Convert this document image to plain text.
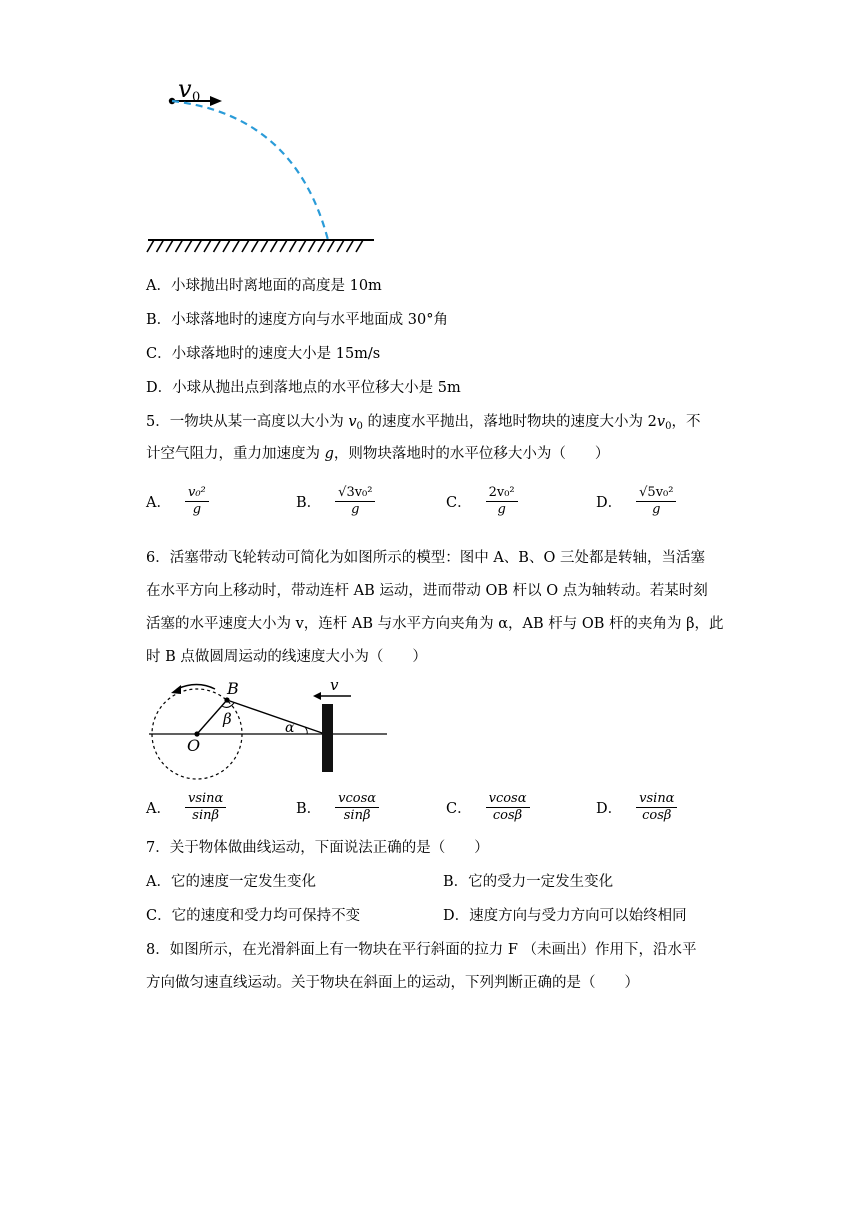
v 0
A．小球抛出时离地面的高度是 10m
B．小球落地时的速度方向与水平地面成 30°角
C．小球落地时的速度大小是 15m/s
D．小球从抛出点到落地点的水平位移大小是 5m
5．一物块从某一高度以大小为 $v_0$ 的速度水平抛出，落地时物块的速度大小为 $2v_0$，不
计空气阻力，重力加速度为 g，则物块落地时的水平位移大小为（　　）
A． $\frac{\text{v₀²}}{g}$	B． $\frac{\text{√3v₀²}}{g}$	C． $\frac{\text{2v₀²}}{g}$	D． $\frac{\text{√5v₀²}}{g}$
6．活塞带动飞轮转动可简化为如图所示的模型：图中 A、B、O 三处都是转轴，当活塞
在水平方向上移动时，带动连杆 AB 运动，进而带动 OB 杆以 O 点为轴转动。若某时刻
活塞的水平速度大小为 v，连杆 AB 与水平方向夹角为 α，AB 杆与 OB 杆的夹角为 β，此
时 B 点做圆周运动的线速度大小为（　　）
B
O
β	α
v
A． $\frac{vsin\alpha}{\sin\beta}$	B． $\frac{vcos\alpha}{\sin\beta}$	C． $\frac{vcos\alpha}{\cos\beta}$	D． $\frac{vsin\alpha}{\cos\beta}$
7．关于物体做曲线运动，下面说法正确的是（　　）
A．它的速度一定发生变化	B．它的受力一定发生变化
C．它的速度和受力均可保持不变	D．速度方向与受力方向可以始终相同
8．如图所示，在光滑斜面上有一物块在平行斜面的拉力 F （未画出）作用下，沿水平
方向做匀速直线运动。关于物块在斜面上的运动，下列判断正确的是（　　）
